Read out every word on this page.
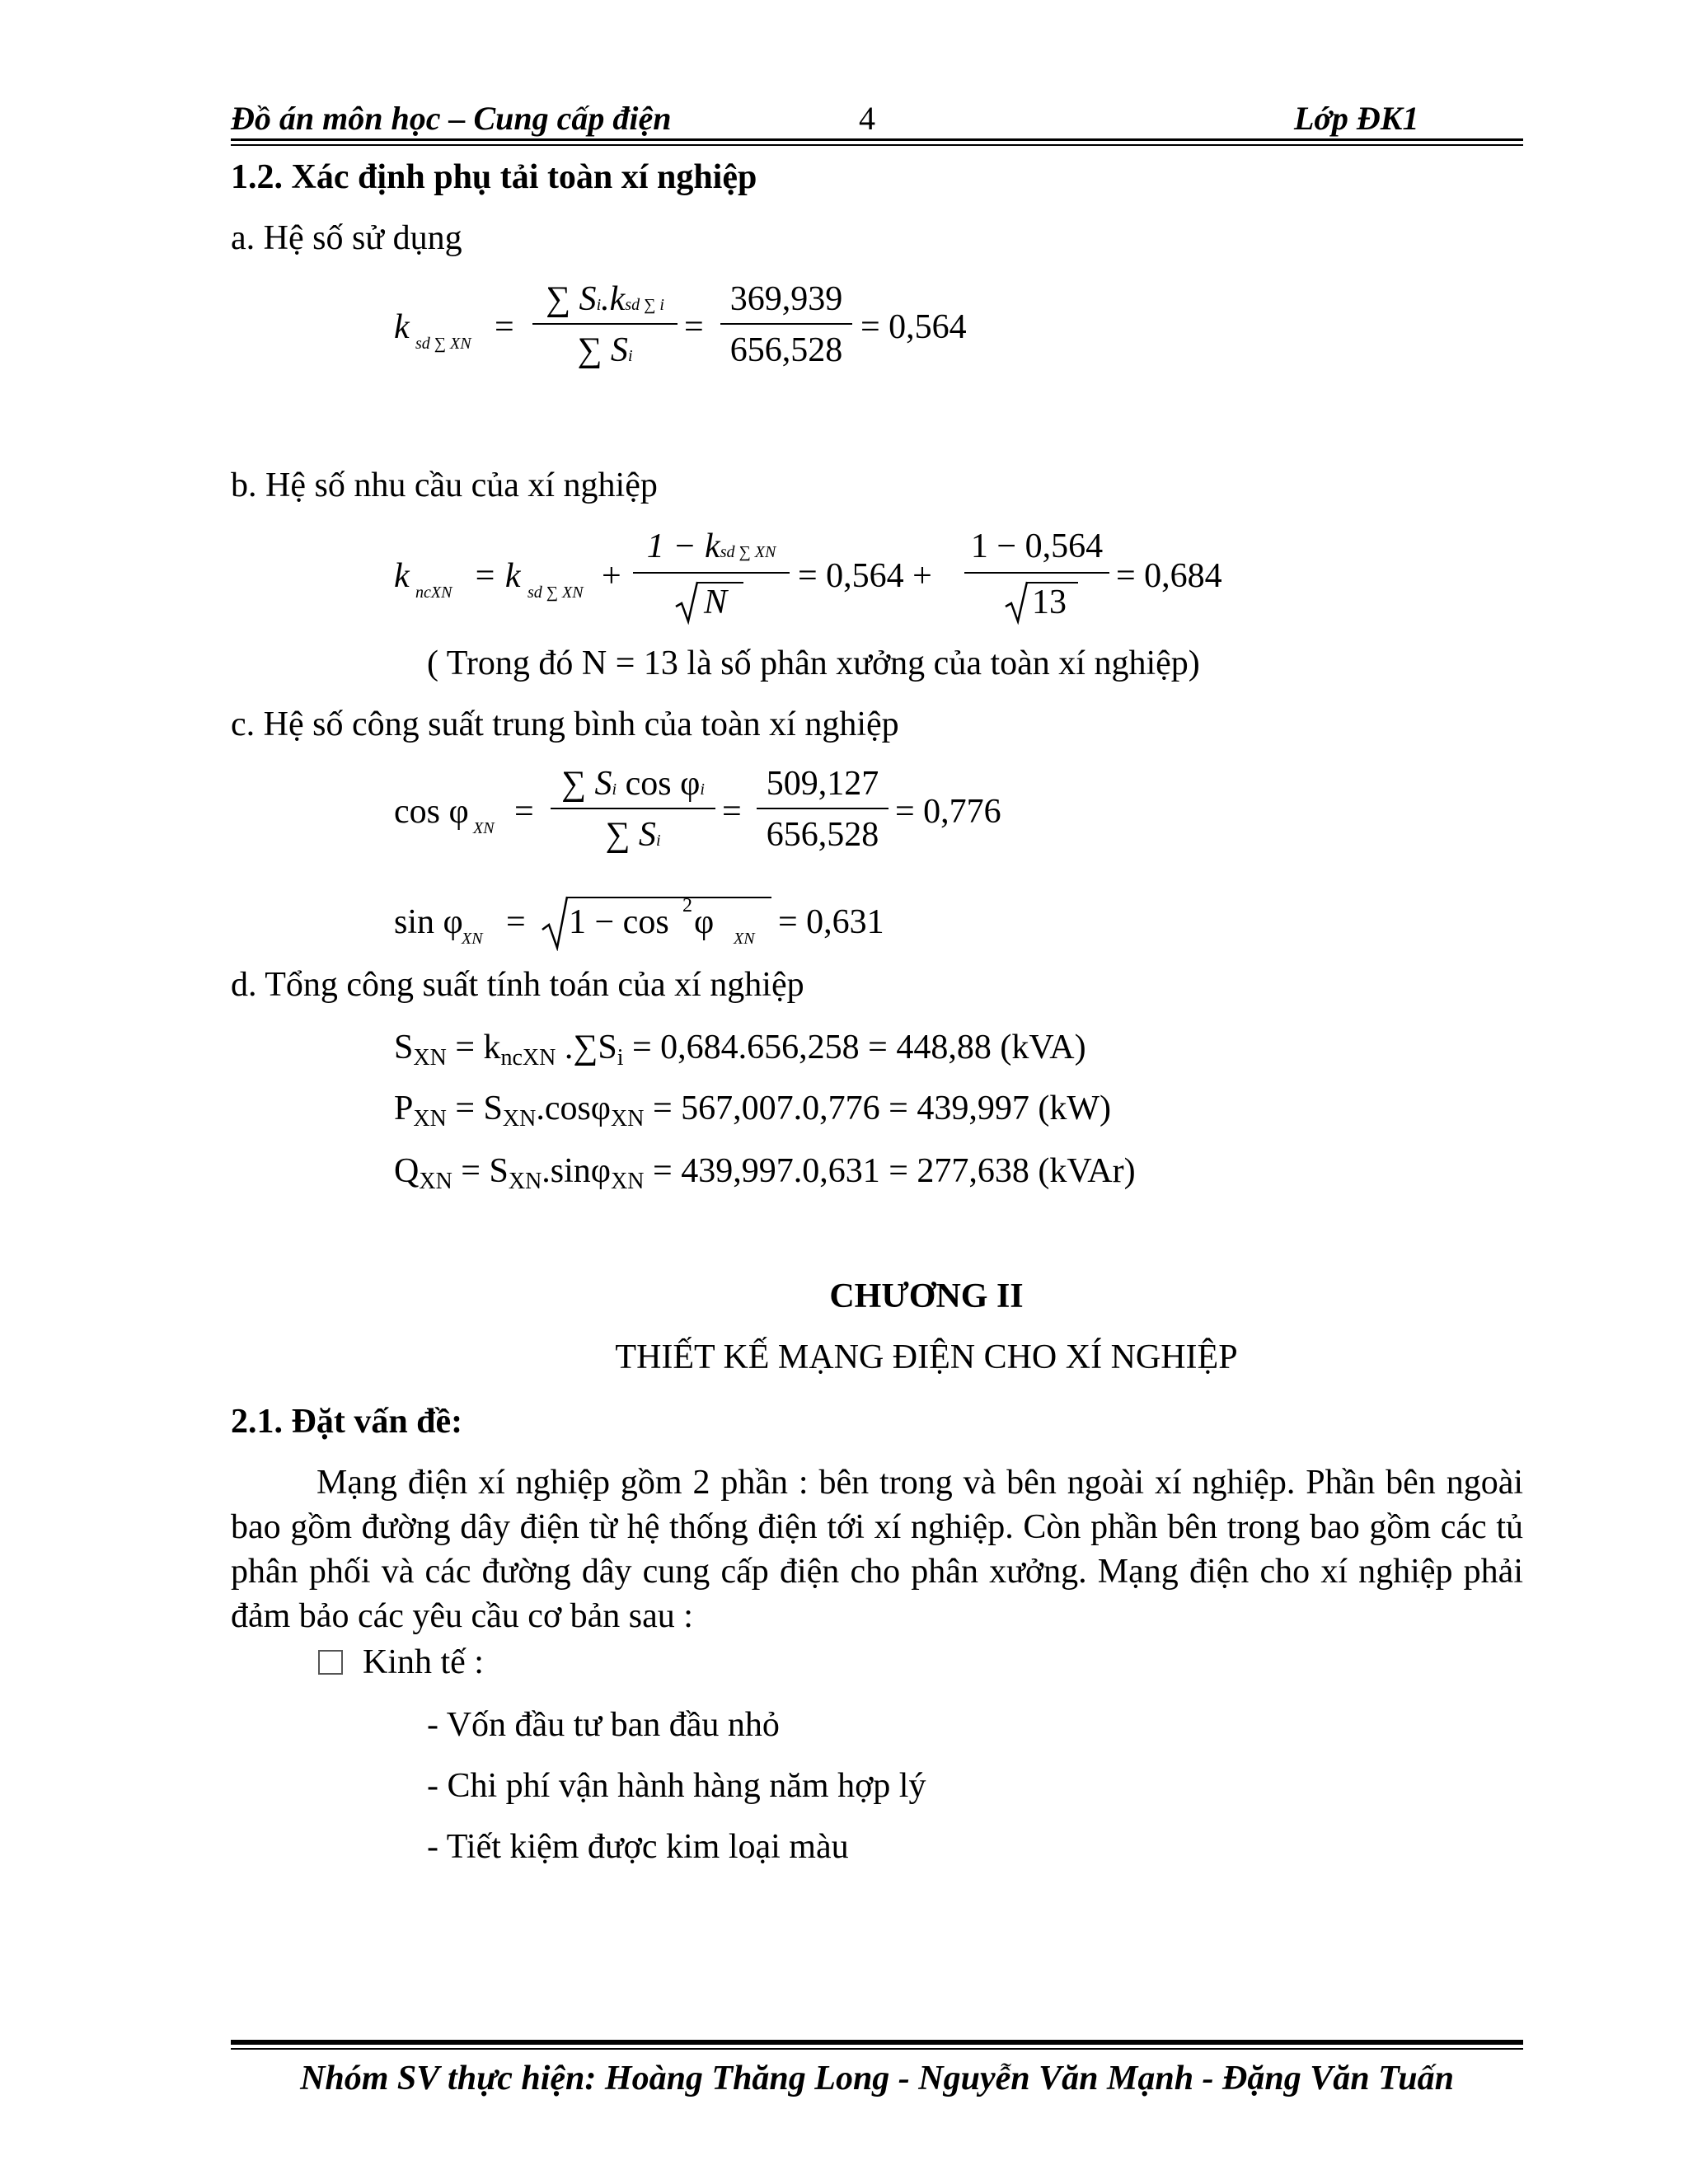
Đồ án môn học – Cung cấp điện	4	Lớp ĐK1
1.2. Xác định phụ tải toàn xí nghiệp
a. Hệ số sử dụng
k sd ∑ XN =
∑ Si.ksd ∑ i
∑ Si
=
369,939
656,528
= 0,564
b. Hệ số nhu cầu của xí nghiệp
k ncXN = k sd ∑ XN +
1 − ksd ∑ XN
N
= 0,564 +
1 − 0,564
13
= 0,684
( Trong đó N = 13 là số phân xưởng của toàn xí nghiệp)
c. Hệ số công suất trung bình của toàn xí nghiệp
cos φ XN =
∑ Si cos φi
∑ Si
=
509,127
656,528
= 0,776
sin φ
XN = 1 − cos 2 φ XN = 0,631
d. Tổng công suất tính toán của xí nghiệp
SXN = kncXN .∑Si = 0,684.656,258 = 448,88 (kVA)
PXN = SXN.cosφXN = 567,007.0,776 = 439,997 (kW)
QXN = SXN.sinφXN = 439,997.0,631 = 277,638 (kVAr)
CHƯƠNG II
THIẾT KẾ MẠNG ĐIỆN CHO XÍ NGHIỆP
2.1. Đặt vấn đề:
Mạng điện xí nghiệp gồm 2 phần : bên trong và bên ngoài xí nghiệp. Phần bên ngoài bao gồm đường dây điện từ hệ thống điện tới xí nghiệp. Còn phần bên trong bao gồm các tủ phân phối và các đường dây cung cấp điện cho phân xưởng. Mạng điện cho xí nghiệp phải đảm bảo các yêu cầu cơ bản sau :
Kinh tế :
- Vốn đầu tư ban đầu nhỏ
- Chi phí vận hành hàng năm hợp lý
- Tiết kiệm được kim loại màu
Nhóm SV thực hiện: Hoàng Thăng Long - Nguyễn Văn Mạnh - Đặng Văn Tuấn
